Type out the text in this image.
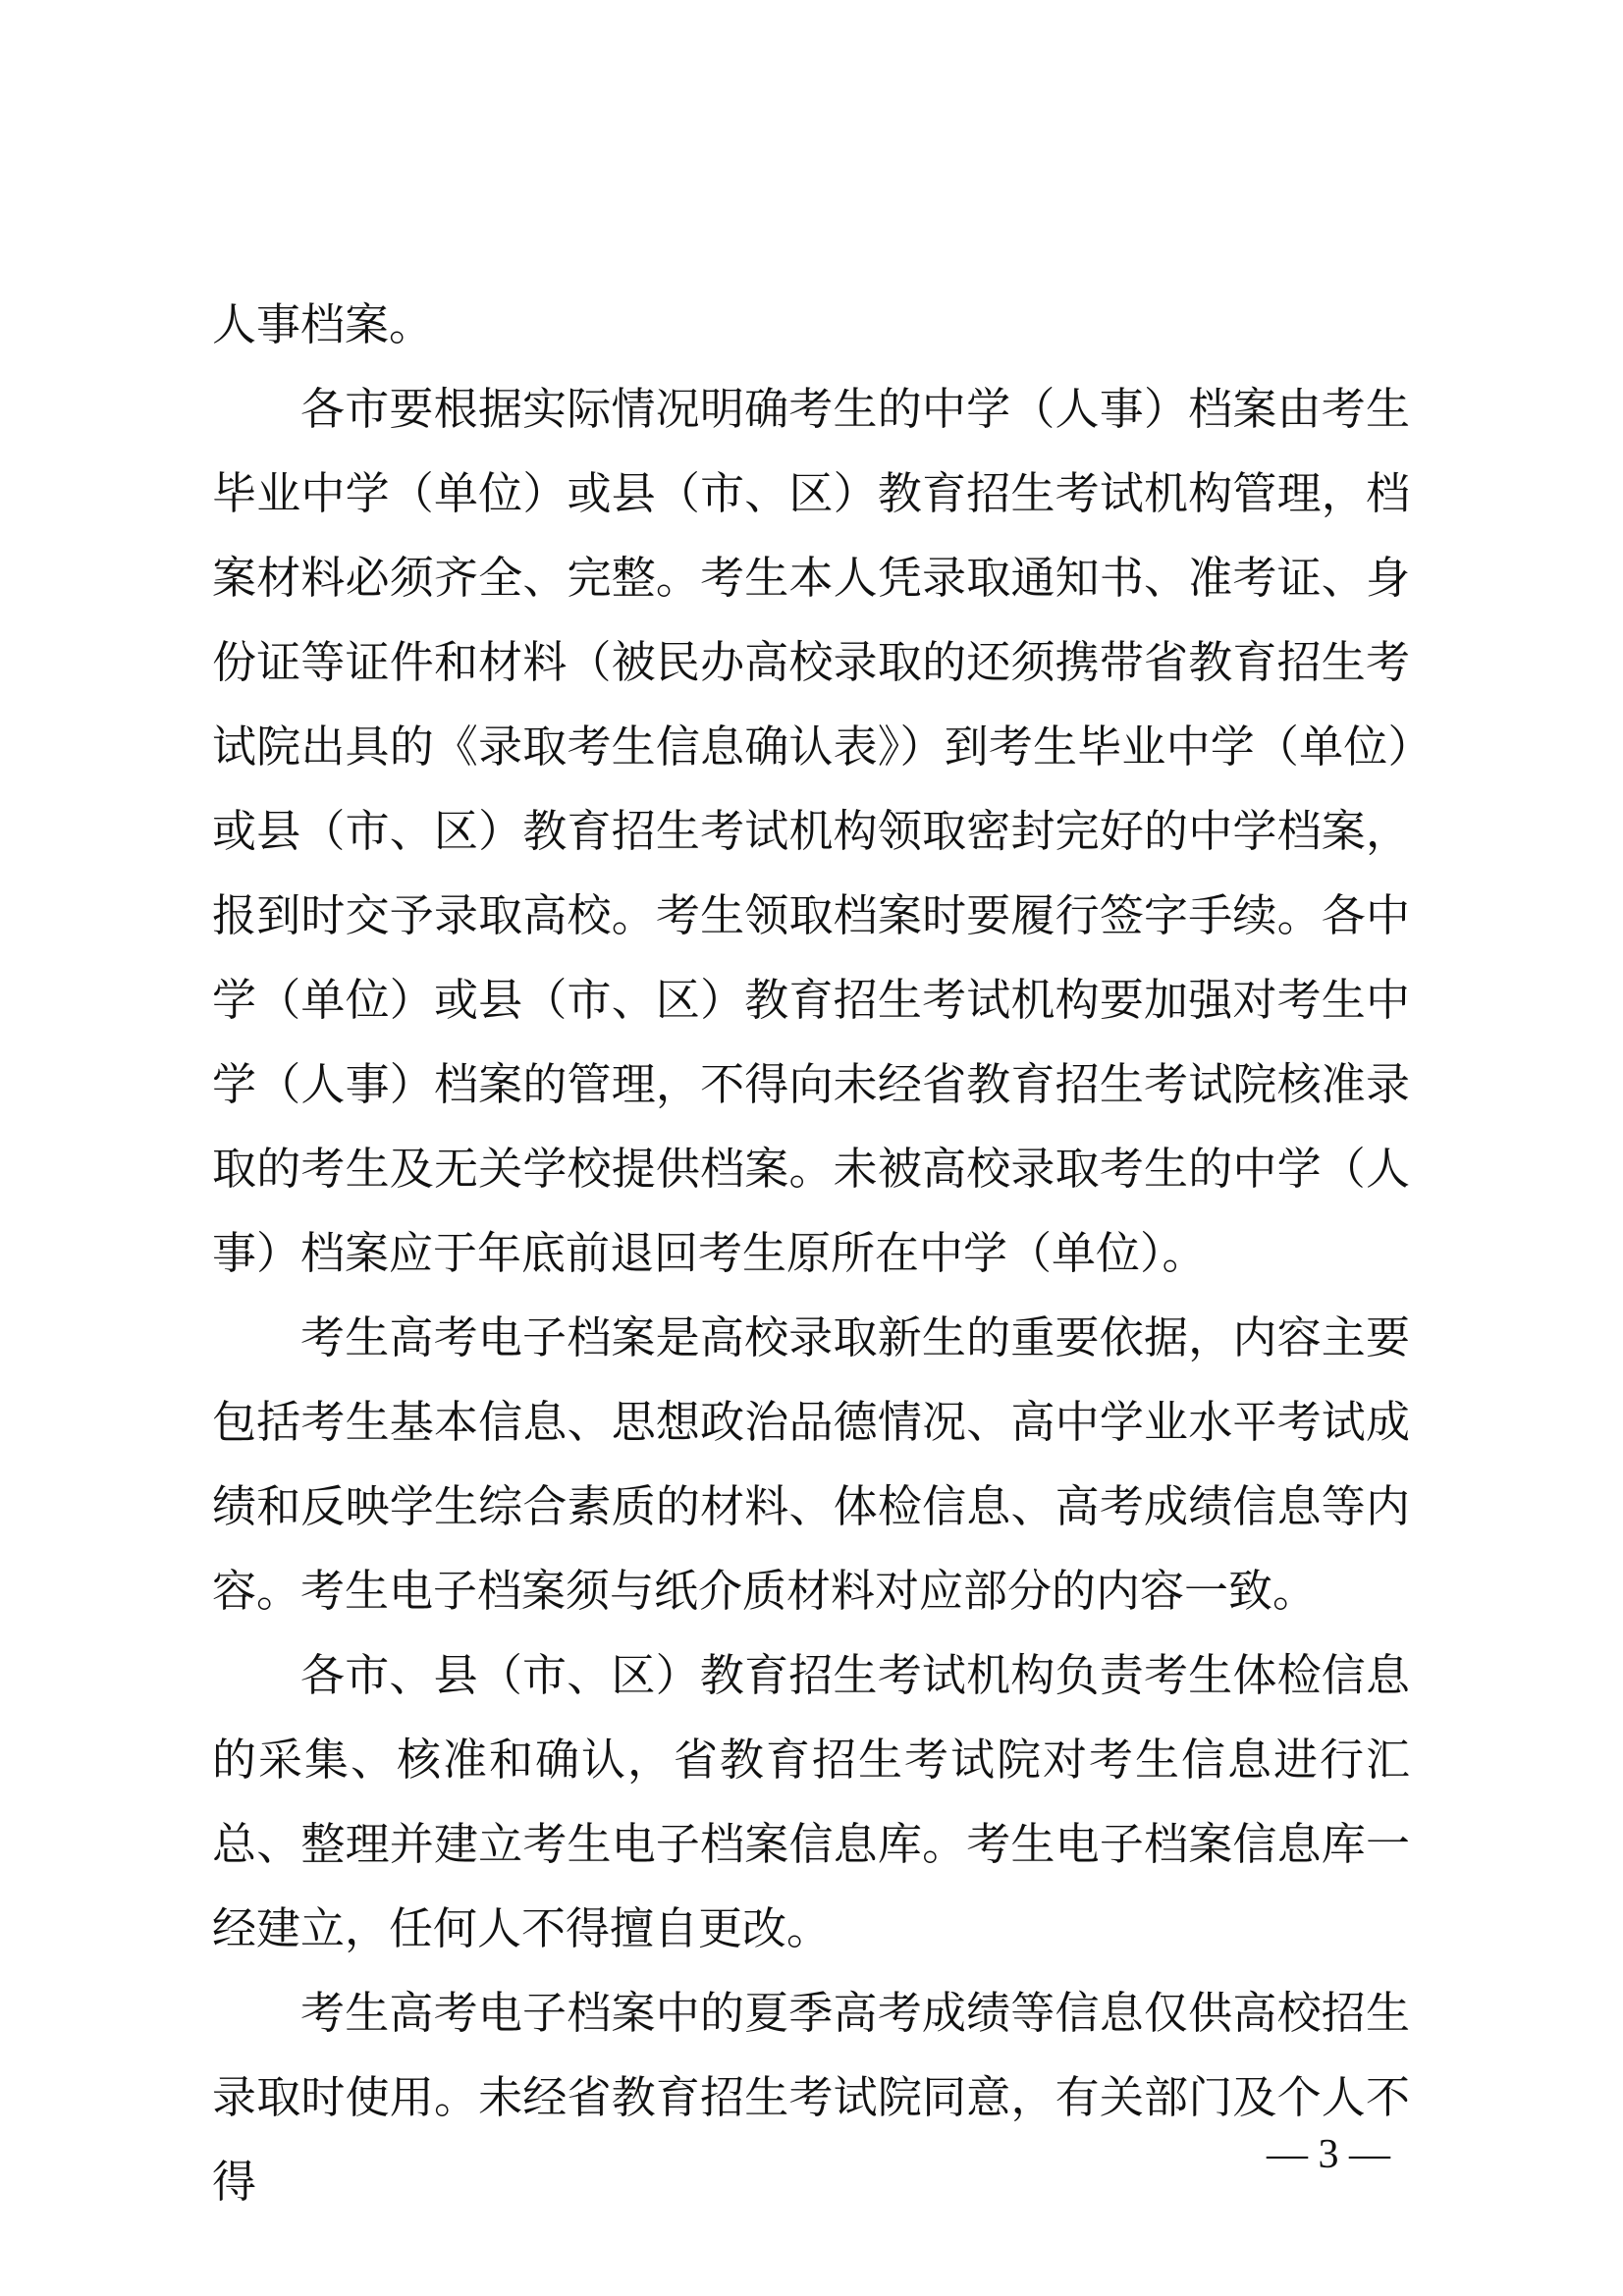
人事档案。

各市要根据实际情况明确考生的中学（人事）档案由考生毕业中学（单位）或县（市、区）教育招生考试机构管理，档案材料必须齐全、完整。考生本人凭录取通知书、准考证、身份证等证件和材料（被民办高校录取的还须携带省教育招生考试院出具的《录取考生信息确认表》）到考生毕业中学（单位）或县（市、区）教育招生考试机构领取密封完好的中学档案，报到时交予录取高校。考生领取档案时要履行签字手续。各中学（单位）或县（市、区）教育招生考试机构要加强对考生中学（人事）档案的管理，不得向未经省教育招生考试院核准录取的考生及无关学校提供档案。未被高校录取考生的中学（人事）档案应于年底前退回考生原所在中学（单位）。

考生高考电子档案是高校录取新生的重要依据，内容主要包括考生基本信息、思想政治品德情况、高中学业水平考试成绩和反映学生综合素质的材料、体检信息、高考成绩信息等内容。考生电子档案须与纸介质材料对应部分的内容一致。

各市、县（市、区）教育招生考试机构负责考生体检信息的采集、核准和确认，省教育招生考试院对考生信息进行汇总、整理并建立考生电子档案信息库。考生电子档案信息库一经建立，任何人不得擅自更改。

考生高考电子档案中的夏季高考成绩等信息仅供高校招生录取时使用。未经省教育招生考试院同意，有关部门及个人不得

— 3 —
